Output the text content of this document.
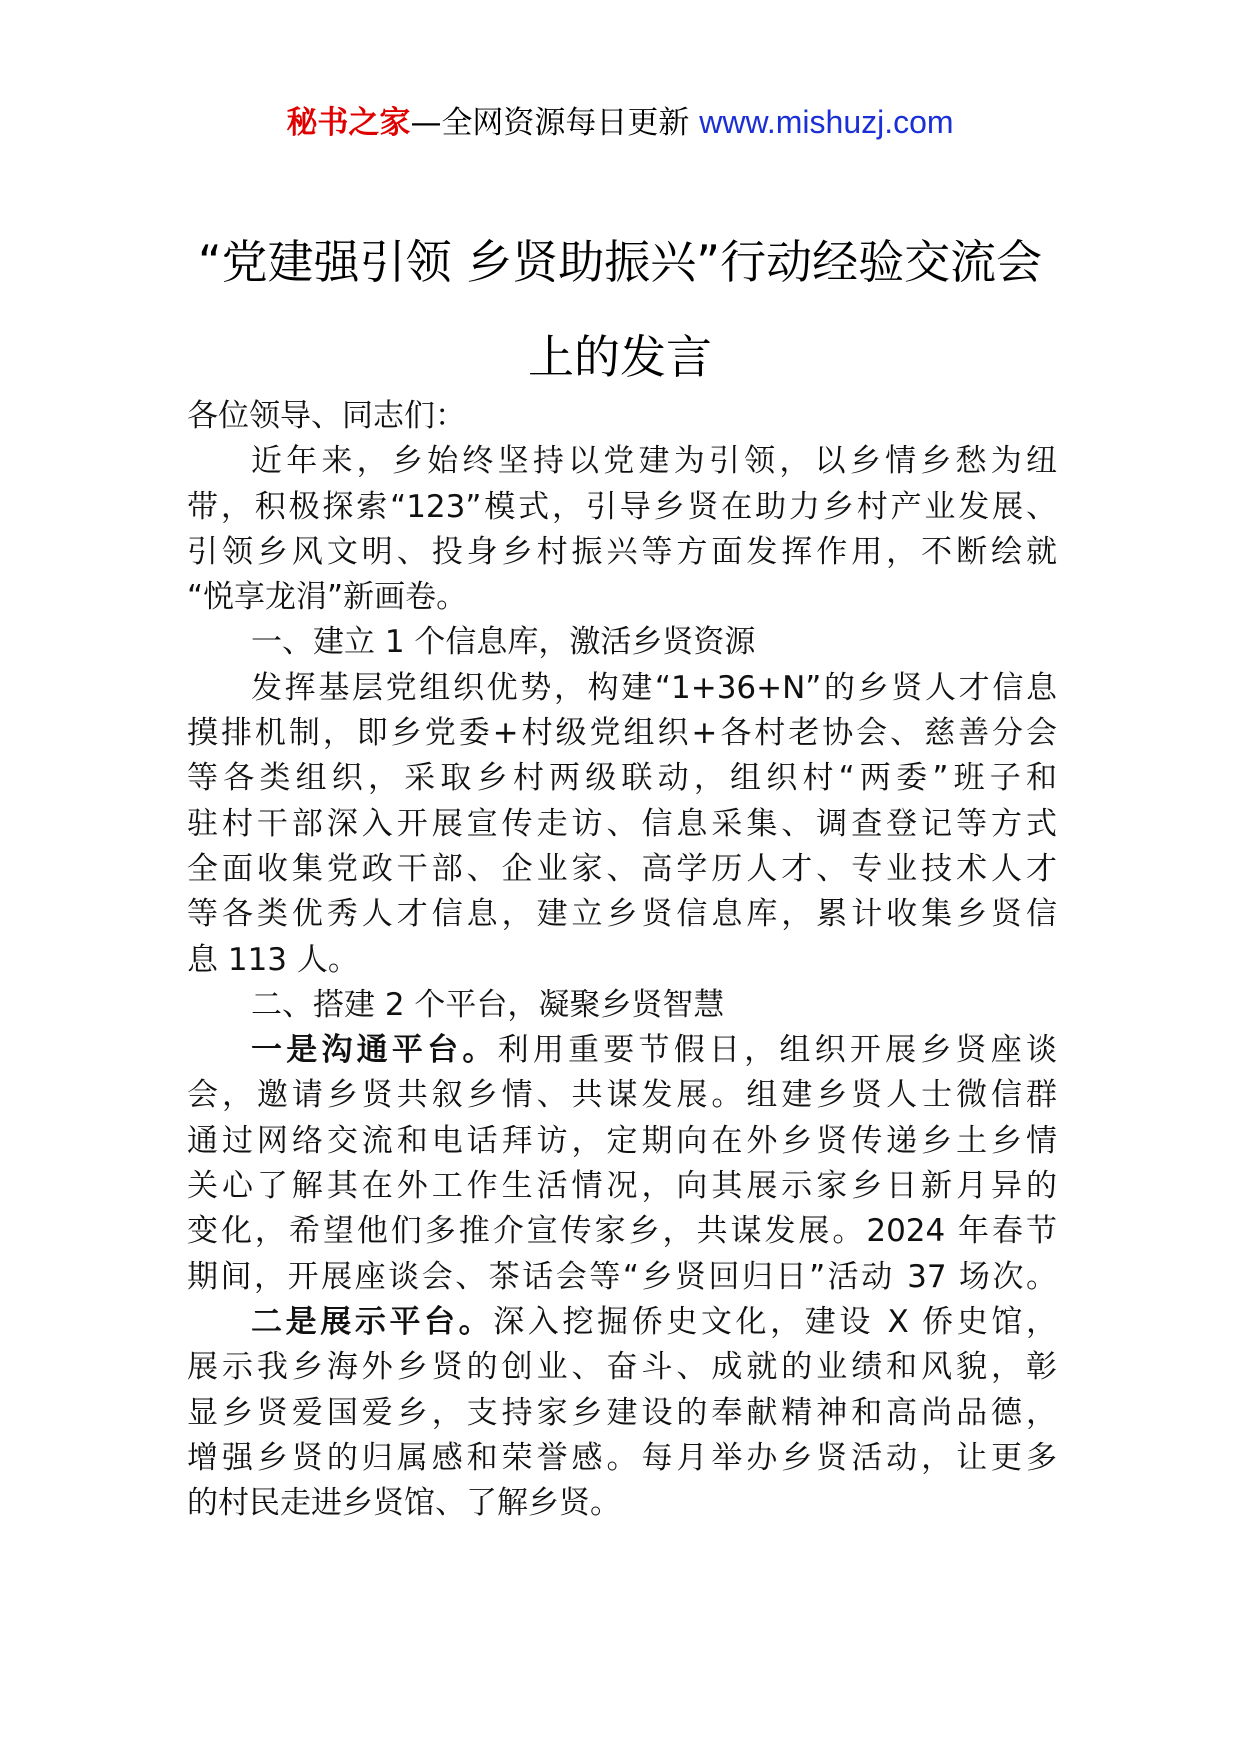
秘书之家—全网资源每日更新 www.mishuzj.com
“党建强引领 乡贤助振兴”行动经验交流会
上的发言
各位领导、同志们：
近年来，乡始终坚持以党建为引领，以乡情乡愁为纽
带，积极探索“123”模式，引导乡贤在助力乡村产业发展、
引领乡风文明、投身乡村振兴等方面发挥作用，不断绘就
“悦享龙涓”新画卷。
一、建立 1 个信息库，激活乡贤资源
发挥基层党组织优势，构建“1+36+N”的乡贤人才信息
摸排机制，即乡党委+村级党组织+各村老协会、慈善分会
等各类组织，采取乡村两级联动，组织村“两委”班子和
驻村干部深入开展宣传走访、信息采集、调查登记等方式
全面收集党政干部、企业家、高学历人才、专业技术人才
等各类优秀人才信息，建立乡贤信息库，累计收集乡贤信
息 113 人。
二、搭建 2 个平台，凝聚乡贤智慧
一是沟通平台。利用重要节假日，组织开展乡贤座谈
会，邀请乡贤共叙乡情、共谋发展。组建乡贤人士微信群
通过网络交流和电话拜访，定期向在外乡贤传递乡土乡情
关心了解其在外工作生活情况，向其展示家乡日新月异的
变化，希望他们多推介宣传家乡，共谋发展。2024 年春节
期间，开展座谈会、茶话会等“乡贤回归日”活动 37 场次。
二是展示平台。深入挖掘侨史文化，建设 X 侨史馆，
展示我乡海外乡贤的创业、奋斗、成就的业绩和风貌，彰
显乡贤爱国爱乡，支持家乡建设的奉献精神和高尚品德，
增强乡贤的归属感和荣誉感。每月举办乡贤活动，让更多
的村民走进乡贤馆、了解乡贤。
